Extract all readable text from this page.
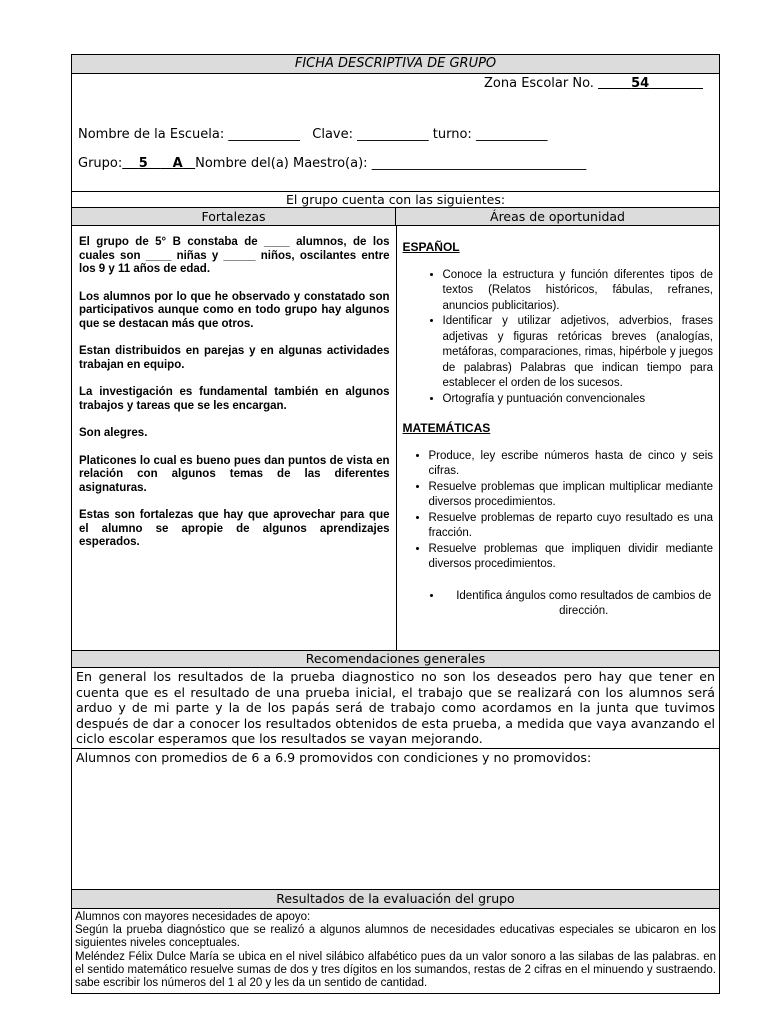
FICHA DESCRIPTIVA DE GRUPO
Zona Escolar No.	54
Nombre de la Escuela: ___________ Clave: ___________ turno: ___________
Grupo: 5 A Nombre del(a) Maestro(a): _________________________________
El grupo cuenta con las siguientes:
Fortalezas	Áreas de oportunidad

El grupo de 5° B constaba de ____ alumnos, de los cuales son ____ niñas y _____ niños, oscilantes entre los 9 y 11 años de edad.

Los alumnos por lo que he observado y constatado son participativos aunque como en todo grupo hay algunos que se destacan más que otros.

Estan distribuidos en parejas y en algunas actividades trabajan en equipo.

La investigación es fundamental también en algunos trabajos y tareas que se les encargan.

Son alegres.

Platicones lo cual es bueno pues dan puntos de vista en relación con algunos temas de las diferentes asignaturas.

Estas son fortalezas que hay que aprovechar para que el alumno se apropie de algunos aprendizajes esperados.

ESPAÑOL
• Conoce la estructura y función diferentes tipos de textos (Relatos históricos, fábulas, refranes, anuncios publicitarios).
• Identificar y utilizar adjetivos, adverbios, frases adjetivas y figuras retóricas breves (analogías, metáforas, comparaciones, rimas, hipérbole y juegos de palabras) Palabras que indican tiempo para establecer el orden de los sucesos.
• Ortografía y puntuación convencionales
MATEMÁTICAS
• Produce, ley escribe números hasta de cinco y seis cifras.
• Resuelve problemas que implican multiplicar mediante diversos procedimientos.
• Resuelve problemas de reparto cuyo resultado es una fracción.
• Resuelve problemas que impliquen dividir mediante diversos procedimientos.
• Identifica ángulos como resultados de cambios de dirección.
Recomendaciones generales
En general los resultados de la prueba diagnostico no son los deseados pero hay que tener en cuenta que es el resultado de una prueba inicial, el trabajo que se realizará con los alumnos será arduo y de mi parte y la de los papás será de trabajo como acordamos en la junta que tuvimos después de dar a conocer los resultados obtenidos de esta prueba, a medida que vaya avanzando el ciclo escolar esperamos que los resultados se vayan mejorando.
Alumnos con promedios de 6 a 6.9 promovidos con condiciones y no promovidos:
Resultados de la evaluación del grupo
Alumnos con mayores necesidades de apoyo:
Según la prueba diagnóstico que se realizó a algunos alumnos de necesidades educativas especiales se ubicaron en los siguientes niveles conceptuales.
Meléndez Félix Dulce María se ubica en el nivel silábico alfabético pues da un valor sonoro a las silabas de las palabras. en el sentido matemático resuelve sumas de dos y tres dígitos en los sumandos, restas de 2 cifras en el minuendo y sustraendo. sabe escribir los números del 1 al 20 y les da un sentido de cantidad.
